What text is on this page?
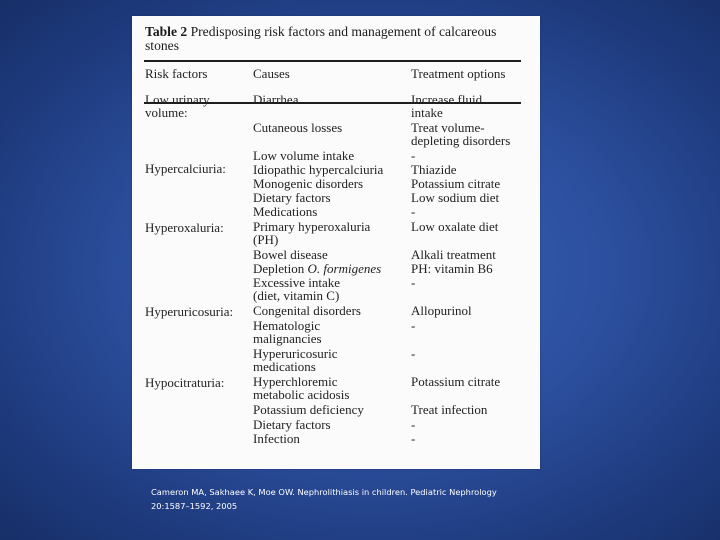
Table 2 Predisposing risk factors and management of calcareous stones
Risk factors	Causes	Treatment options
Low urinary
volume:
Hypercalciuria:
Hyperoxaluria:
Hyperuricosuria:
Hypocitraturia:
Diarrhea
Cutaneous losses
Low volume intake
Idiopathic hypercalciuria
Monogenic disorders
Dietary factors
Medications
Primary hyperoxaluria
(PH)
Bowel disease
Depletion O. formigenes
Excessive intake
(diet, vitamin C)
Congenital disorders
Hematologic
malignancies
Hyperuricosuric
medications
Hyperchloremic
metabolic acidosis
Potassium deficiency
Dietary factors
Infection
Increase fluid
intake
Treat volume-
depleting disorders
-
Thiazide
Potassium citrate
Low sodium diet
-
Low oxalate diet
Alkali treatment
PH: vitamin B6
-
Allopurinol
-
-
Potassium citrate
Treat infection
-
-
Cameron MA, Sakhaee K, Moe OW. Nephrolithiasis in children. Pediatric Nephrology 20:1587–1592, 2005
